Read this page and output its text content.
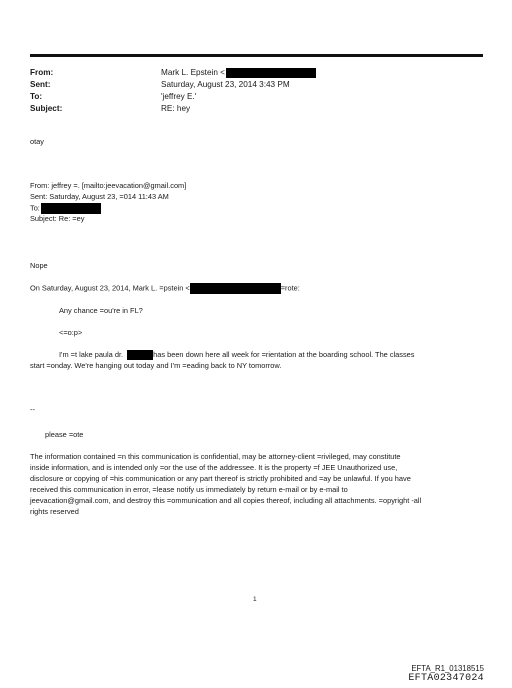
From:	Mark L. Epstein <
Sent:	Saturday, August 23, 2014 3:43 PM
To:	'jeffrey E.'
Subject:	RE: hey
otay
From: jeffrey =. [mailto:jeevacation@gmail.com]
Sent: Saturday, August 23, =014 11:43 AM
To:
Subject: Re: =ey
Nope
On Saturday, August 23, 2014, Mark L. =pstein <	=rote:
Any chance =ou're in FL?
<=o:p>
I'm =t lake paula dr.	has been down here all week for =rientation at the boarding school. The classes
start =onday. We're hanging out today and I'm =eading back to NY tomorrow.
--
please =ote
The information contained =n this communication is confidential, may be attorney-client =rivileged, may constitute
inside information, and is intended only =or the use of the addressee. It is the property =f JEE Unauthorized use,
disclosure or copying of =his communication or any part thereof is strictly prohibited and =ay be unlawful. If you have
received this communication in error, =lease notify us immediately by return e-mail or by e-mail to
jeevacation@gmail.com, and destroy this =ommunication and all copies thereof, including all attachments. =opyright -all
rights reserved
1
EFTA_R1_01318515
EFTA02347024
